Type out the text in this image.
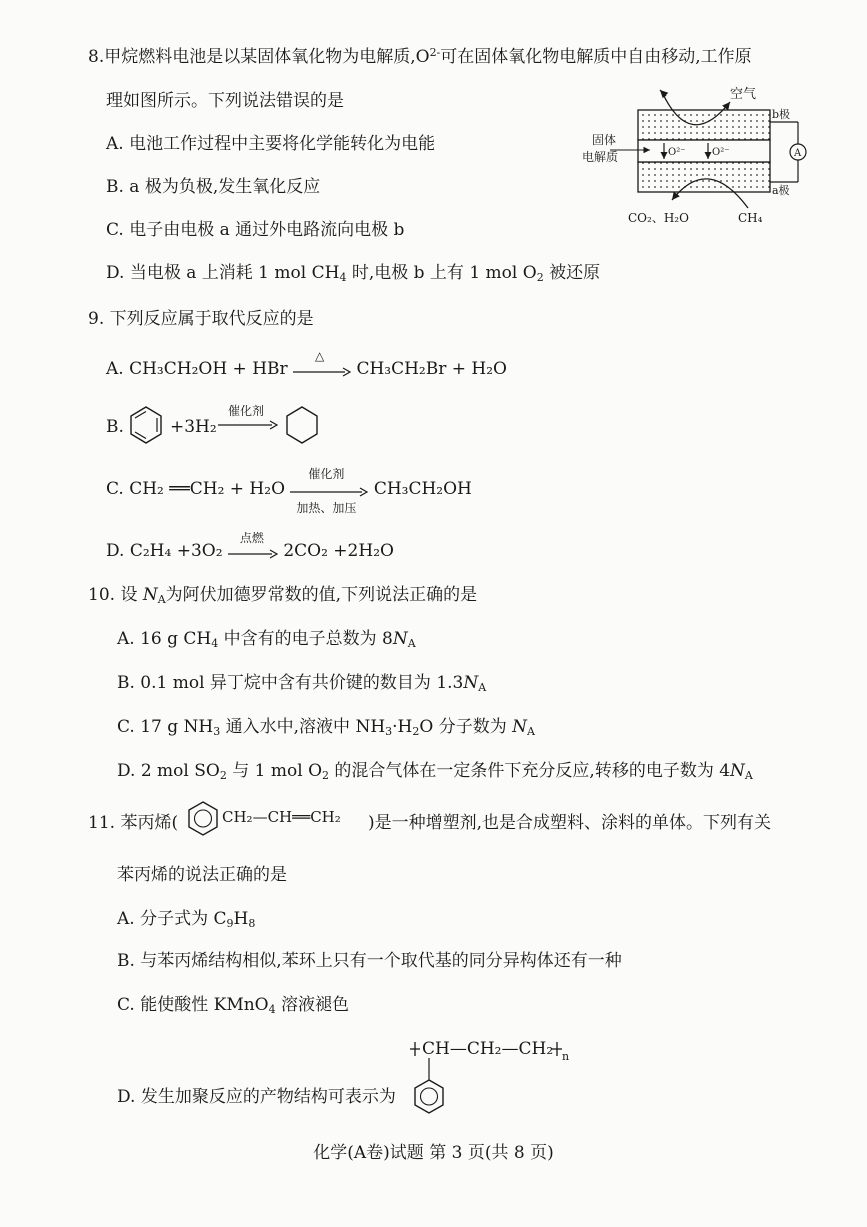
8.甲烷燃料电池是以某固体氧化物为电解质$,O^{2-}$可在固体氧化物电解质中自由移动,工作原
理如图所示。下列说法错误的是
A. 电池工作过程中主要将化学能转化为电能
B. a 极为负极,发生氧化反应
C. 电子由电极 a 通过外电路流向电极 b
D. 当电极 a 上消耗 1 mol $CH_4$ 时,电极 b 上有 1 mol $O_2$ 被还原
O²⁻	O²⁻
空气
CO₂、H₂O	CH₄
固体
电解质	A
b极
a极
9. 下列反应属于取代反应的是
A. CH₃CH₂OH + HBr
△
CH₃CH₂Br + H₂O
B.	+3H₂
催化剂
C. CH₂ ══CH₂ + H₂O
催化剂
加热、加压
CH₃CH₂OH
D. C₂H₄ +3O₂
点燃
2CO₂ +2H₂O
10. 设 $N_A$为阿伏加德罗常数的值,下列说法正确的是
A. 16 g $CH_4$ 中含有的电子总数为 $8N_A$
B. 0.1 mol 异丁烷中含有共价键的数目为 $1.3N_A$
C. 17 g $NH_3$ 通入水中,溶液中 $NH_3\cdot H_2O$ 分子数为 $N_A$
D. 2 mol $SO_2$ 与 1 mol $O_2$ 的混合气体在一定条件下充分反应,转移的电子数为 $4N_A$
11. 苯丙烯(	CH₂—CH══CH₂ )是一种增塑剂,也是合成塑料、涂料的单体。下列有关
苯丙烯的说法正确的是
A. 分子式为 $C_9H_8$
B. 与苯丙烯结构相似,苯环上只有一个取代基的同分异构体还有一种
C. 能使酸性 KMnO$_4$ 溶液褪色
CH—CH₂—CH₂ n
D. 发生加聚反应的产物结构可表示为
化学(A卷)试题 第 3 页(共 8 页)
